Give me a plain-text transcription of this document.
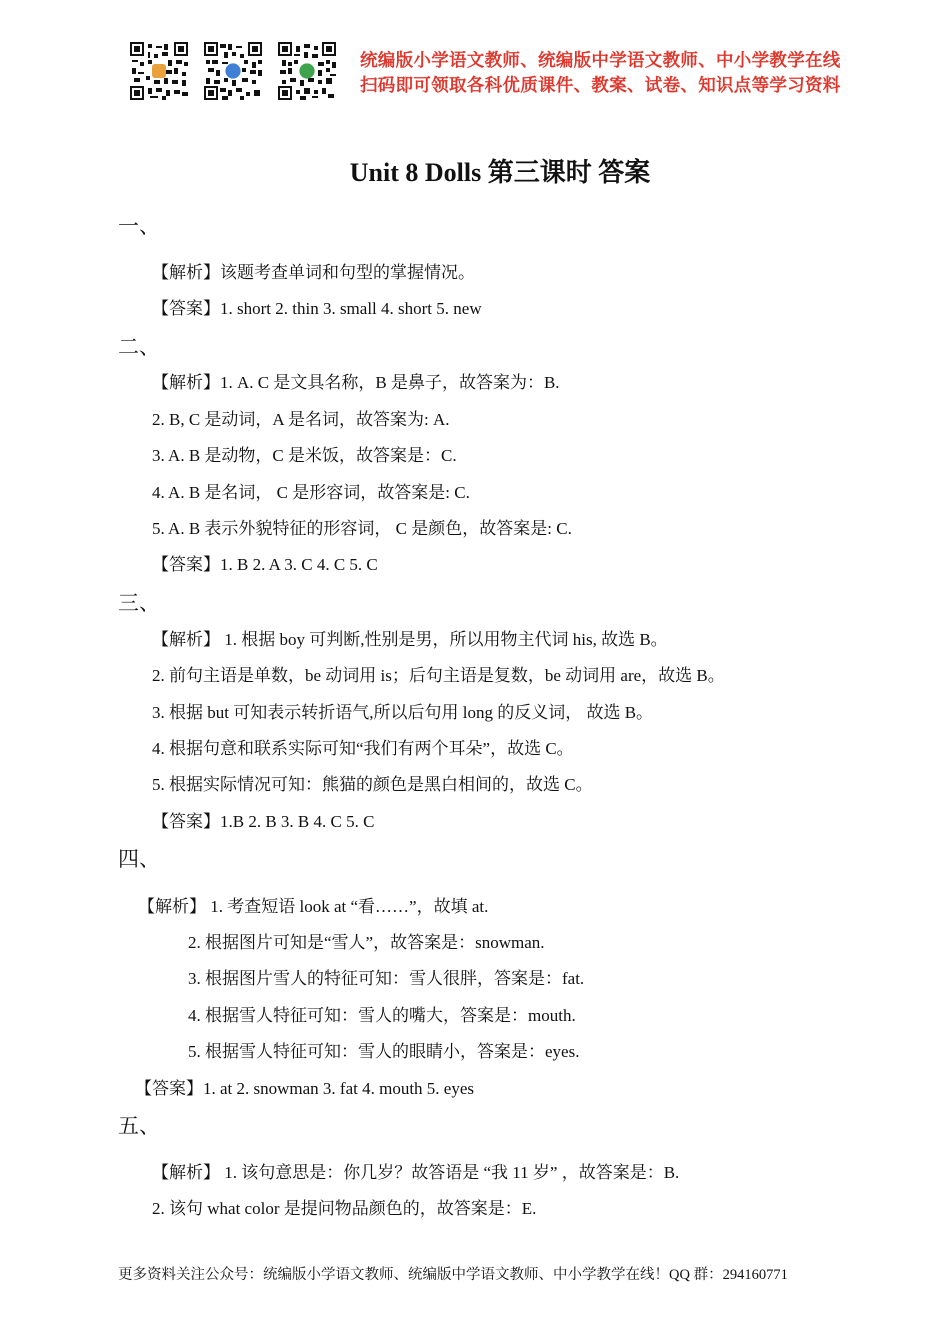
统编版小学语文教师、统编版中学语文教师、中小学教学在线
扫码即可领取各科优质课件、教案、试卷、知识点等学习资料
Unit 8 Dolls 第三课时 答案
一、
【解析】该题考查单词和句型的掌握情况。
【答案】1. short 2. thin 3. small 4. short 5. new
二、
【解析】1. A. C 是文具名称，B 是鼻子，故答案为：B.
2. B, C 是动词，A 是名词，故答案为: A.
3. A. B 是动物，C 是米饭，故答案是：C.
4. A. B 是名词， C 是形容词，故答案是: C.
5. A. B 表示外貌特征的形容词， C 是颜色，故答案是: C.
【答案】1. B 2. A 3. C 4. C 5. C
三、
【解析】 1. 根据 boy 可判断,性别是男，所以用物主代词 his, 故选 B。
2. 前句主语是单数，be 动词用 is；后句主语是复数，be 动词用 are，故选 B。
3. 根据 but 可知表示转折语气,所以后句用 long 的反义词， 故选 B。
4. 根据句意和联系实际可知“我们有两个耳朵”，故选 C。
5. 根据实际情况可知：熊猫的颜色是黑白相间的，故选 C。
【答案】1.B 2. B 3. B 4. C 5. C
四、
【解析】 1. 考查短语 look at “看……”，故填 at.
2. 根据图片可知是“雪人”，故答案是：snowman.
3. 根据图片雪人的特征可知：雪人很胖，答案是：fat.
4. 根据雪人特征可知：雪人的嘴大，答案是：mouth.
5. 根据雪人特征可知：雪人的眼睛小，答案是：eyes.
【答案】1. at 2. snowman 3. fat 4. mouth 5. eyes
五、
【解析】 1. 该句意思是：你几岁？故答语是 “我 11 岁” ，故答案是：B.
2. 该句 what color 是提问物品颜色的，故答案是：E.
更多资料关注公众号：统编版小学语文教师、统编版中学语文教师、中小学教学在线！QQ 群：294160771
